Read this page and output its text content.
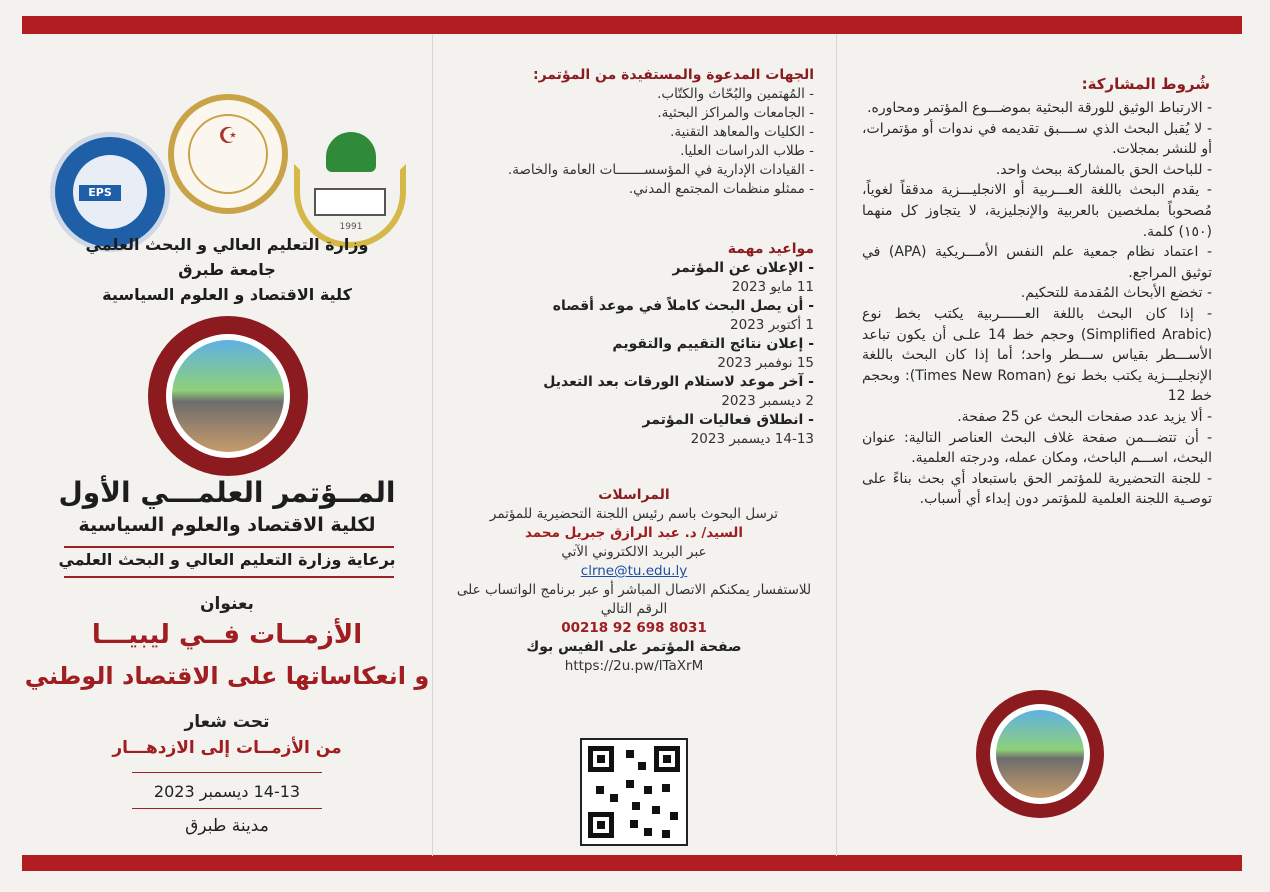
EPS
☪
1991
وزارة التعليم العالي و البحث العلمي
جامعة طبرق
كلية الاقتصاد و العلوم السياسية
المــؤتمر العلمـــي الأول
لكلية الاقتصاد والعلوم السياسية
برعاية وزارة التعليم العالي و البحث العلمي
بعنوان
الأزمــات فــي ليبيـــا
و انعكاساتها على الاقتصاد الوطني
تحت شعار
من الأزمــات إلى الازدهـــار
14-13 ديسمبر 2023
مدينة طبرق
الجهات المدعوة والمستفيدة من المؤتمر:
- المُهتمين والبُحّاث والكتّاب.
- الجامعات والمراكز البحثية.
- الكليات والمعاهد التقنية.
- طلاب الدراسات العليا.
- القيادات الإدارية في المؤسســـــــات العامة والخاصة.
- ممثلو منظمات المجتمع المدني.
مواعيد مهمة
- الإعلان عن المؤتمر
11 مايو 2023
- أن يصل البحث كاملاً في موعد أقصاه
1 أكتوبر 2023
- إعلان نتائج التقييم والتقويم
15 نوفمبر 2023
- آخر موعد لاستلام الورقات بعد التعديل
2 ديسمبر 2023
- انطلاق فعاليات المؤتمر
14-13 ديسمبر 2023
المراسلات
ترسل البحوث باسم رئيس اللجنة التحضيرية للمؤتمر
السيد/ د. عبد الرازق جبريل محمد
عبر البريد الالكتروني الآتي
clrne@tu.edu.ly
للاستفسار يمكنكم الاتصال المباشر أو عبر برنامج الواتساب على الرقم التالي
00218 92 698 8031
صفحة المؤتمر على الفيس بوك
https://2u.pw/lTaXrM
شُروط المشاركة:

- الارتباط الوثيق للورقة البحثية بموضـــوع المؤتمر ومحاوره.

- لا يُقبل البحث الذي ســــبق تقديمه في ندوات أو مؤتمرات، أو للنشر بمجلات.

- للباحث الحق بالمشاركة ببحث واحد.

- يقدم البحث باللغة العـــربية أو الانجليـــزية مدققاً لغوياً، مُصحوباً بملخصين بالعربية والإنجليزية، لا يتجاوز كل منهما (١٥٠) كلمة.

- اعتماد نظام جمعية علم النفس الأمـــريكية (APA) في توثيق المراجع.

- تخضع الأبحاث المُقدمة للتحكيم.

- إذا كان البحث باللغة العــــــربية يكتب بخط نوع (Simplified Arabic) وحجم خط 14 علـى أن يكون تباعد الأســـطر بقياس ســـطر واحد؛ أما إذا كان البحث باللغة الإنجليـــزية يكتب بخط نوع (Times New Roman): وبحجم خط 12

- ألا يزيد عدد صفحات البحث عن 25 صفحة.

- أن تتضـــمن صفحة غلاف البحث العناصر التالية: عنوان البحث، اســـم الباحث، ومكان عمله، ودرجته العلمية.

- للجنة التحضيرية للمؤتمر الحق باستبعاد أي بحث بناءً على توصـية اللجنة العلمية للمؤتمر دون إبداء أي أسباب.
